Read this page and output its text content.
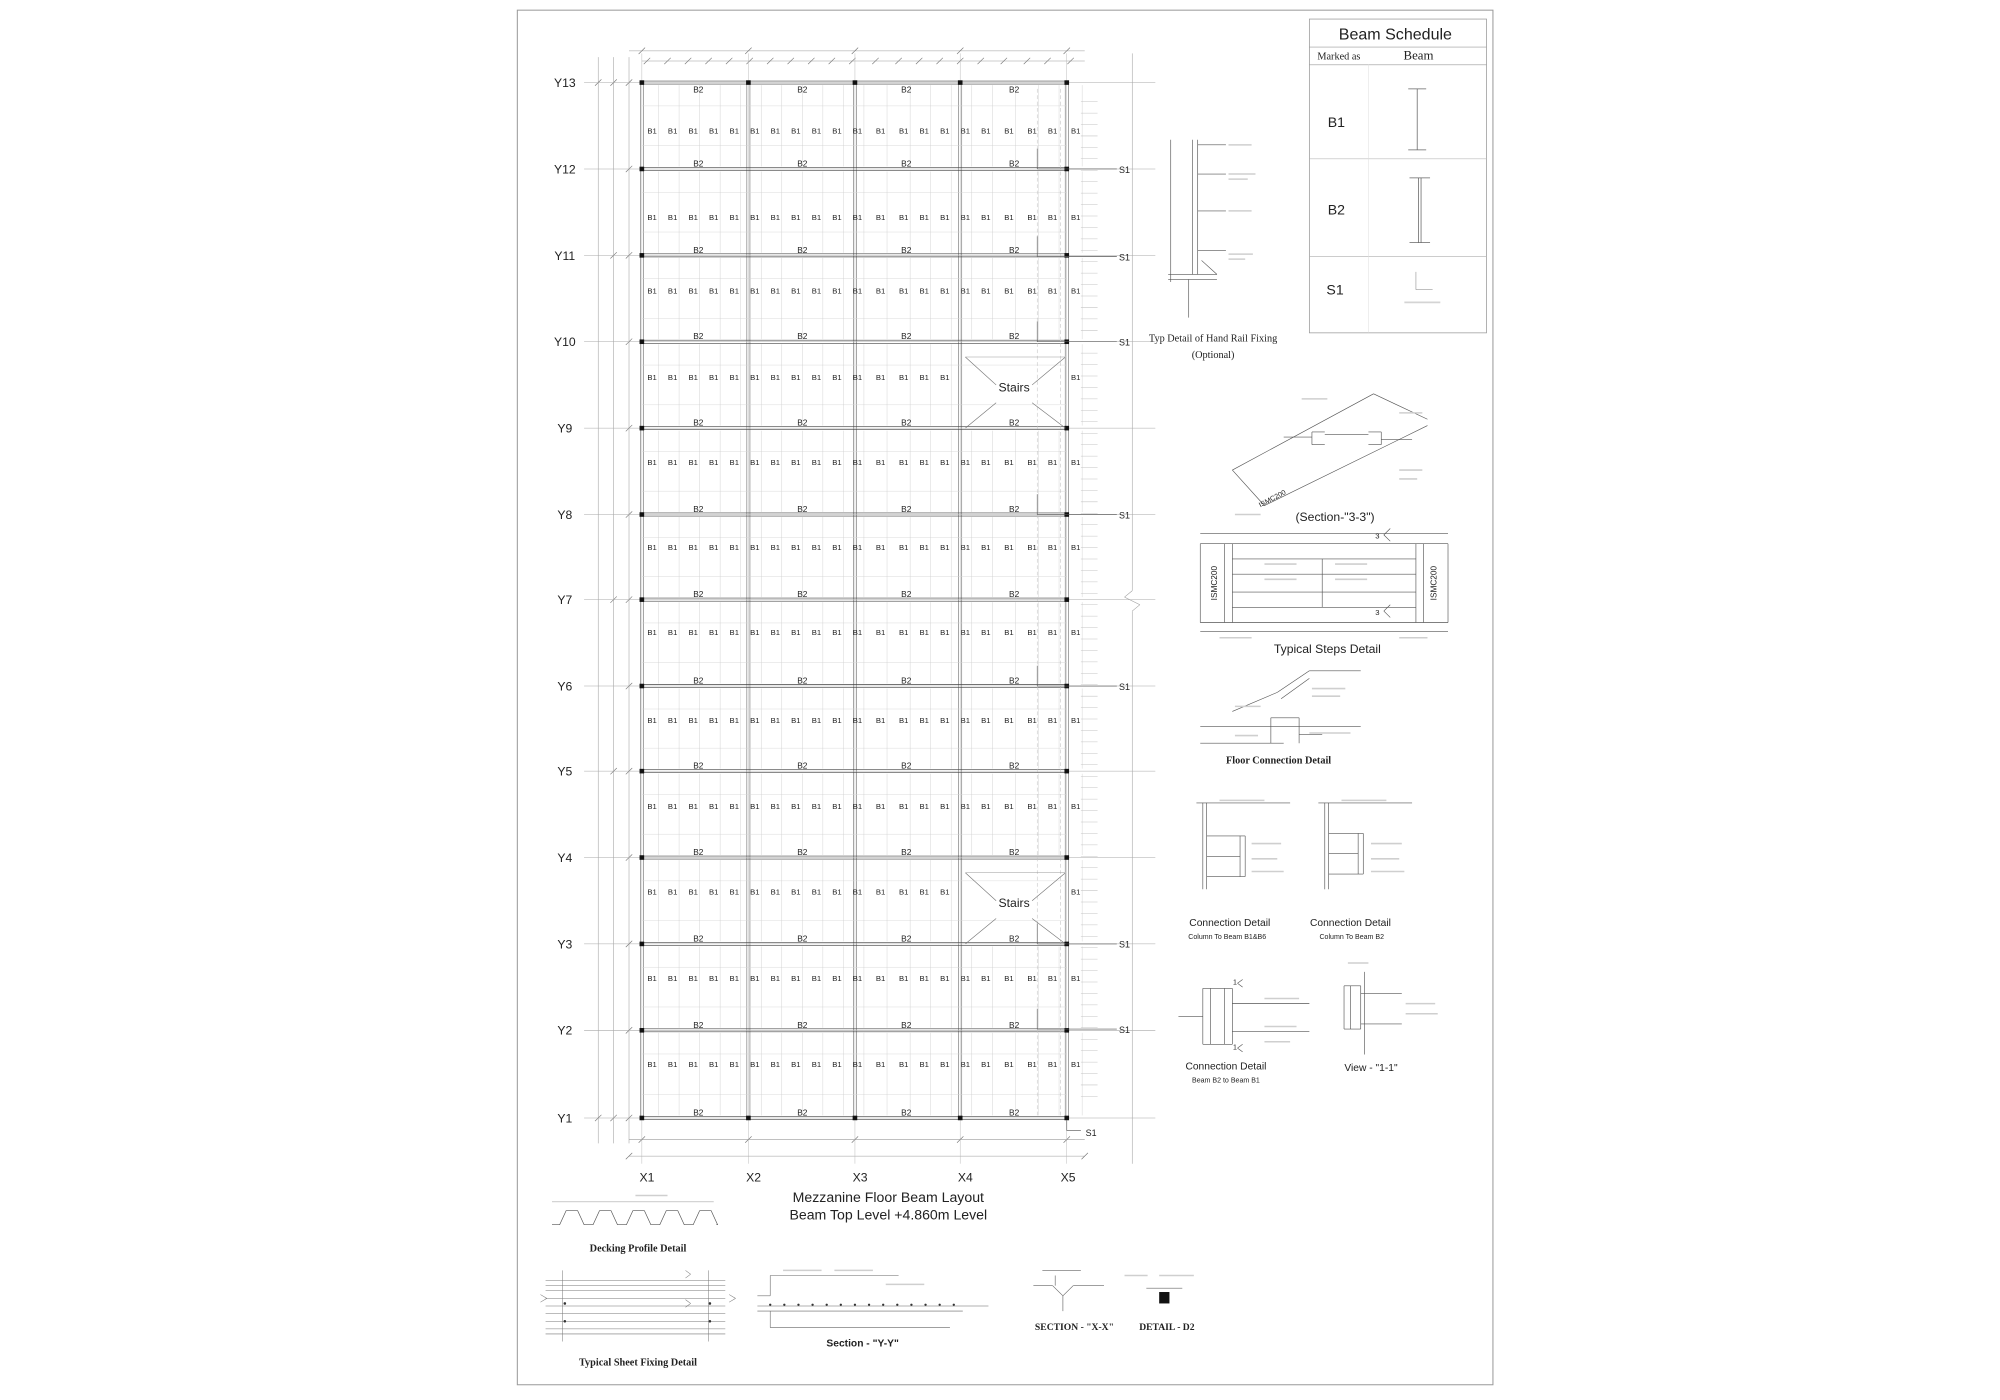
Beam Schedule
Marked as	Beam
B1
B2
S1
Y13
Y12
Y11
Y10
Y9
Y8
Y7
Y6
Y5
Y4
Y3
Y2
Y1
X1	X2	X3	X4	X5
B2	B2	B2	B2
B2	B2	B2	B2
B2	B2	B2	B2
B2	B2	B2	B2
B2	B2	B2	B2
B2	B2	B2	B2
B2	B2	B2	B2
B2	B2	B2	B2
B2	B2	B2	B2
B2	B2	B2	B2
B2	B2	B2	B2
B2	B2	B2	B2
B2	B2	B2	B2
B1 B1 B1 B1 B1 B1 B1 B1 B1 B1 B1 B1 B1 B1 B1 B1 B1 B1 B1 B1 B1
B1 B1 B1 B1 B1 B1 B1 B1 B1 B1 B1 B1 B1 B1 B1 B1 B1 B1 B1 B1 B1
B1 B1 B1 B1 B1 B1 B1 B1 B1 B1 B1 B1 B1 B1 B1 B1 B1 B1 B1 B1 B1
B1 B1 B1 B1 B1 B1 B1 B1 B1 B1 B1 B1 B1 B1 B1	B1
B1 B1 B1 B1 B1 B1 B1 B1 B1 B1 B1 B1 B1 B1 B1 B1 B1 B1 B1 B1 B1
B1 B1 B1 B1 B1 B1 B1 B1 B1 B1 B1 B1 B1 B1 B1 B1 B1 B1 B1 B1 B1
B1 B1 B1 B1 B1 B1 B1 B1 B1 B1 B1 B1 B1 B1 B1 B1 B1 B1 B1 B1 B1
B1 B1 B1 B1 B1 B1 B1 B1 B1 B1 B1 B1 B1 B1 B1 B1 B1 B1 B1 B1 B1
B1 B1 B1 B1 B1 B1 B1 B1 B1 B1 B1 B1 B1 B1 B1 B1 B1 B1 B1 B1 B1
B1 B1 B1 B1 B1 B1 B1 B1 B1 B1 B1 B1 B1 B1 B1	B1
B1 B1 B1 B1 B1 B1 B1 B1 B1 B1 B1 B1 B1 B1 B1 B1 B1 B1 B1 B1 B1
B1 B1 B1 B1 B1 B1 B1 B1 B1 B1 B1 B1 B1 B1 B1 B1 B1 B1 B1 B1 B1
Stairs
Stairs
S1
S1
S1
S1
S1
S1
S1
S1
Mezzanine Floor Beam Layout
Beam Top Level +4.860m Level
Typ Detail of Hand Rail Fixing
(Optional)
(Section-"3-3")
ISMC200
3
3
ISMC200	ISMC200
Typical Steps Detail
Floor Connection Detail
Connection Detail
Column To Beam B1&B6
Connection Detail
Column To Beam B2
1
1
Connection Detail
Beam B2 to Beam B1
View - "1-1"
Decking Profile Detail
Typical Sheet Fixing Detail
Section - "Y-Y"
SECTION - "X-X"	DETAIL - D2
